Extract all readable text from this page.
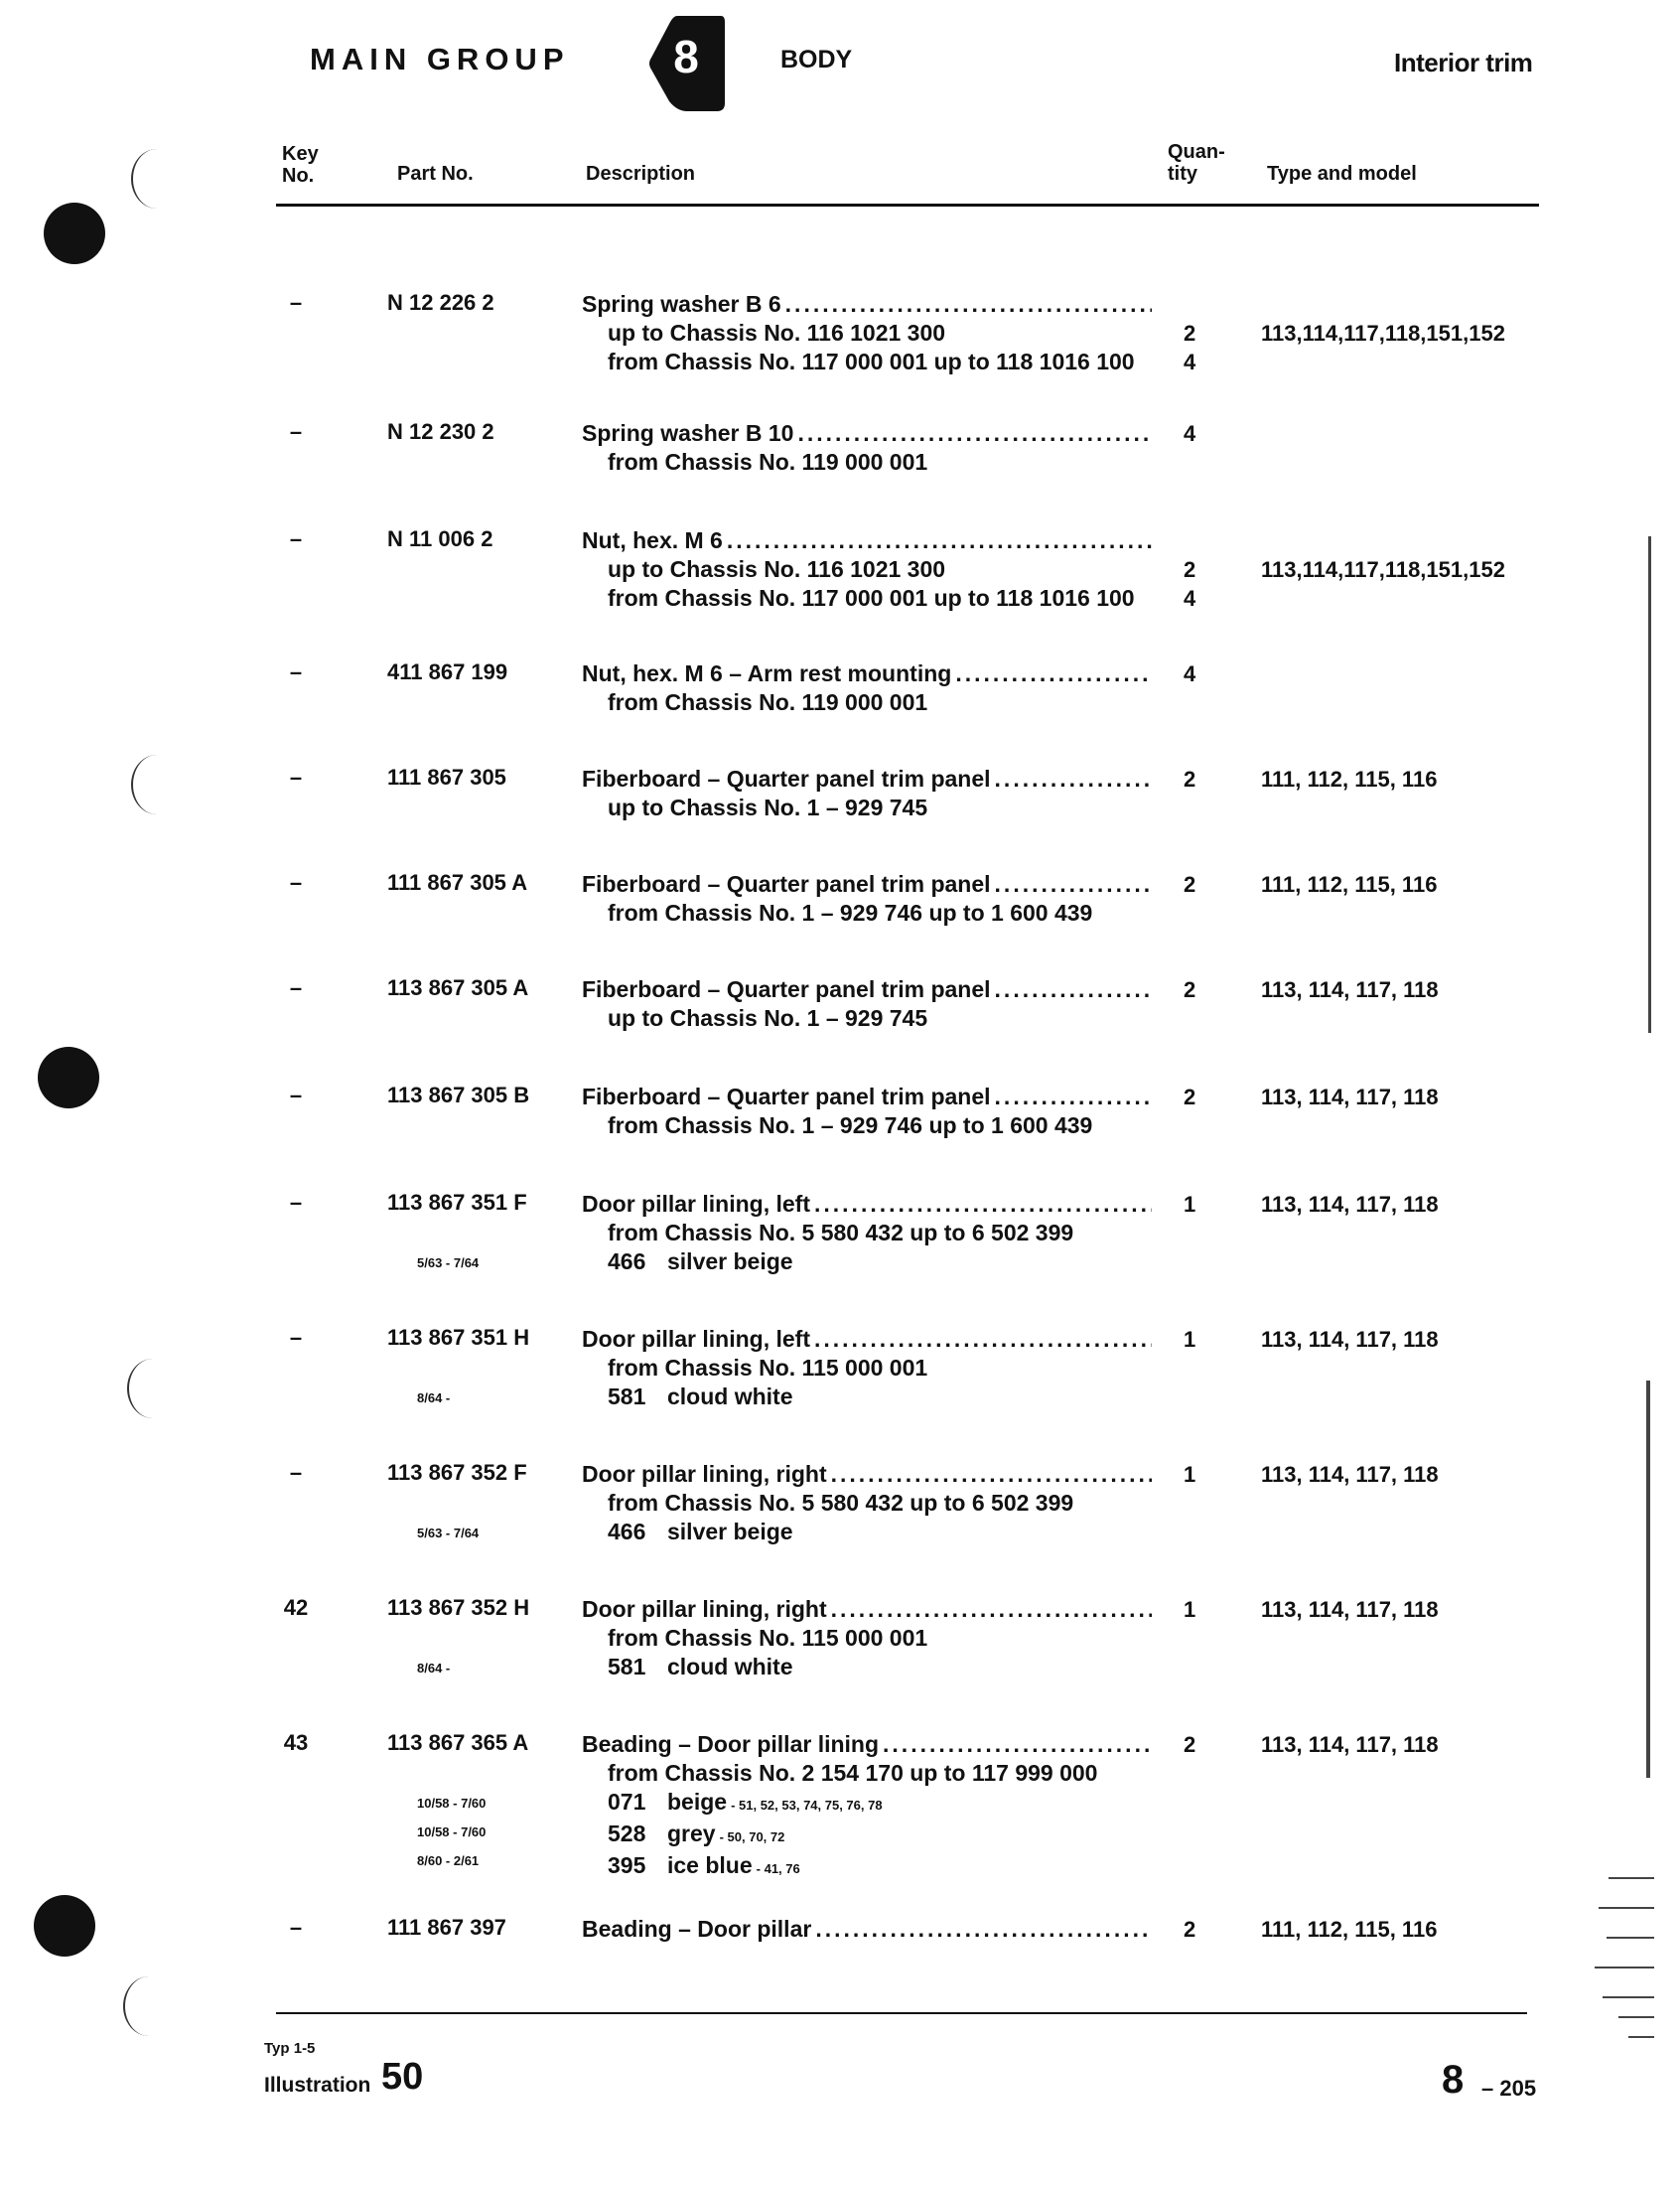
MAIN GROUP	8	BODY	Interior trim
Key No.	Part No.	Description
Quan- tity	Type and model
–	N 12 226 2	Spring washer B 6
.....
up to Chassis No. 116 1021 300
from Chassis No. 117 000 001 up to 118 1016 100
2
4
113,114,117,118,151,152
–	N 12 230 2	Spring washer B 10
.....
from Chassis No. 119 000 001
4
–	N 11 006 2	Nut, hex. M 6
.....
up to Chassis No. 116 1021 300
from Chassis No. 117 000 001 up to 118 1016 100
2
4
113,114,117,118,151,152
–	411 867 199	Nut, hex. M 6 – Arm rest mounting
.....
from Chassis No. 119 000 001
4
–	111 867 305	Fiberboard – Quarter panel trim panel
.....
up to Chassis No. 1 – 929 745
2	111, 112, 115, 116
–	111 867 305 A Fiberboard – Quarter panel trim panel
.....
from Chassis No. 1 – 929 746 up to 1 600 439
2	111, 112, 115, 116
–	113 867 305 A Fiberboard – Quarter panel trim panel
.....
up to Chassis No. 1 – 929 745
2	113, 114, 117, 118
–	113 867 305 B Fiberboard – Quarter panel trim panel
.....
from Chassis No. 1 – 929 746 up to 1 600 439
2	113, 114, 117, 118
–	113 867 351 F
5/63 - 7/64
Door pillar lining, left
.....
from Chassis No. 5 580 432 up to 6 502 399
466 silver beige
1	113, 114, 117, 118
–	113 867 351 H
8/64 -
Door pillar lining, left
.....
from Chassis No. 115 000 001
581 cloud white
1	113, 114, 117, 118
–	113 867 352 F
5/63 - 7/64
Door pillar lining, right
.....
from Chassis No. 5 580 432 up to 6 502 399
466 silver beige
1	113, 114, 117, 118
42	113 867 352 H
8/64 -
Door pillar lining, right
.....
from Chassis No. 115 000 001
581 cloud white
1	113, 114, 117, 118
43	113 867 365 A
10/58 - 7/60
10/58 - 7/60
8/60 - 2/61
Beading – Door pillar lining
.....
from Chassis No. 2 154 170 up to 117 999 000
071 beige - 51, 52, 53, 74, 75, 76, 78
528 grey - 50, 70, 72
395 ice blue - 41, 76
2	113, 114, 117, 118
–	111 867 397	Beading – Door pillar
.....	2	111, 112, 115, 116
Typ 1-5
Illustration 50	8 – 205
